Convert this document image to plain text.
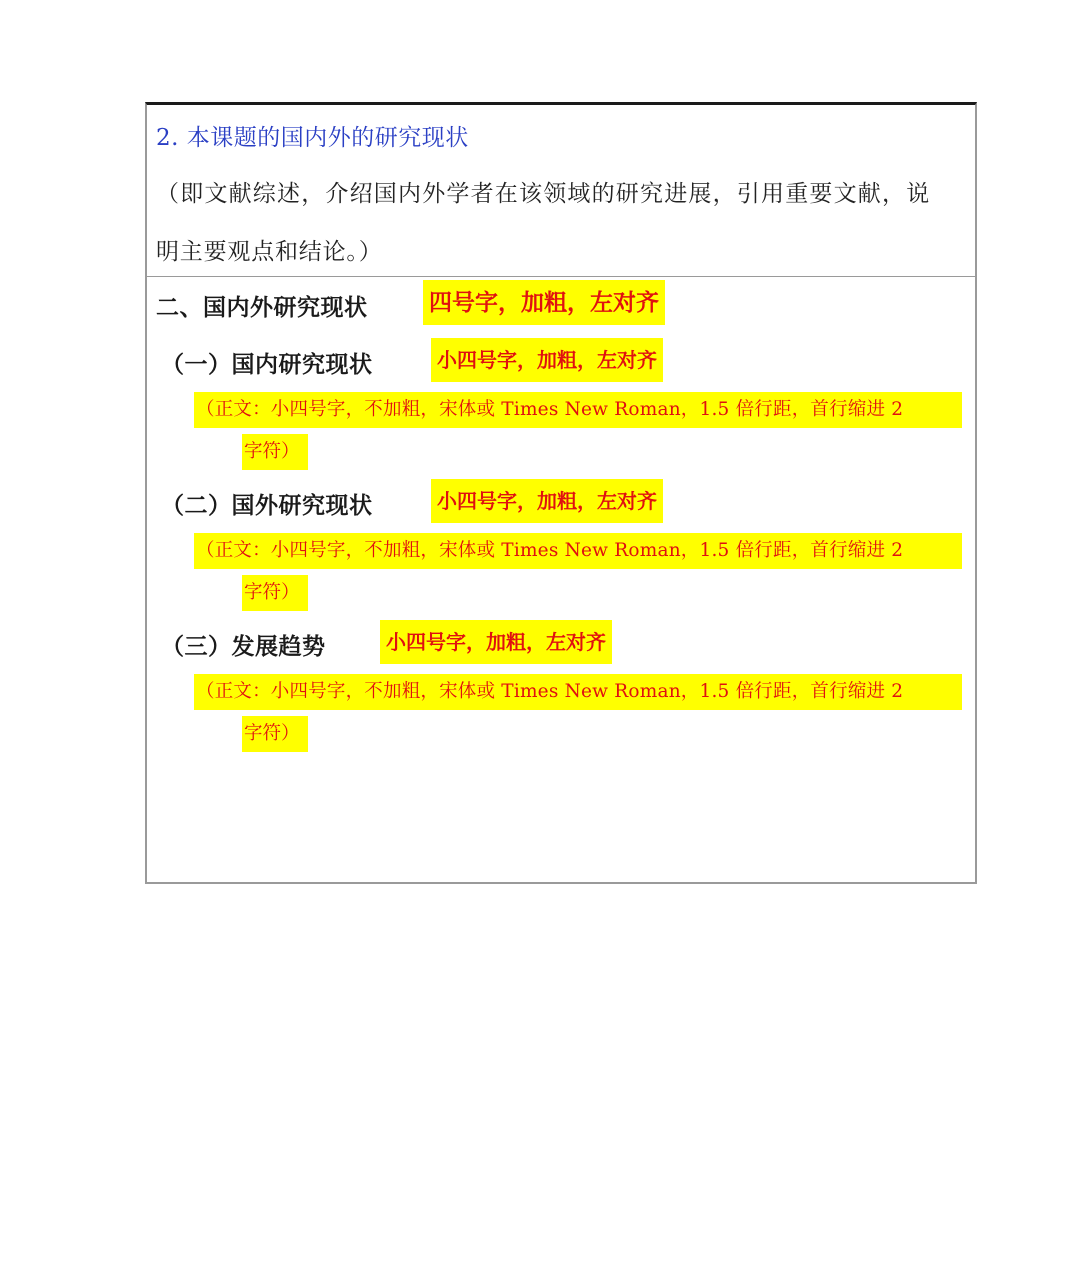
2. 本课题的国内外的研究现状
（即文献综述，介绍国内外学者在该领域的研究进展，引用重要文献，说
明主要观点和结论。）
二、国内外研究现状	四号字，加粗，左对齐
（一）国内研究现状	小四号字，加粗，左对齐
（正文：小四号字，不加粗，宋体或 Times New Roman，1.5 倍行距，首行缩进 2
字符）
（二）国外研究现状	小四号字，加粗，左对齐
（正文：小四号字，不加粗，宋体或 Times New Roman，1.5 倍行距，首行缩进 2
字符）
（三）发展趋势	小四号字，加粗，左对齐
（正文：小四号字，不加粗，宋体或 Times New Roman，1.5 倍行距，首行缩进 2
字符）
